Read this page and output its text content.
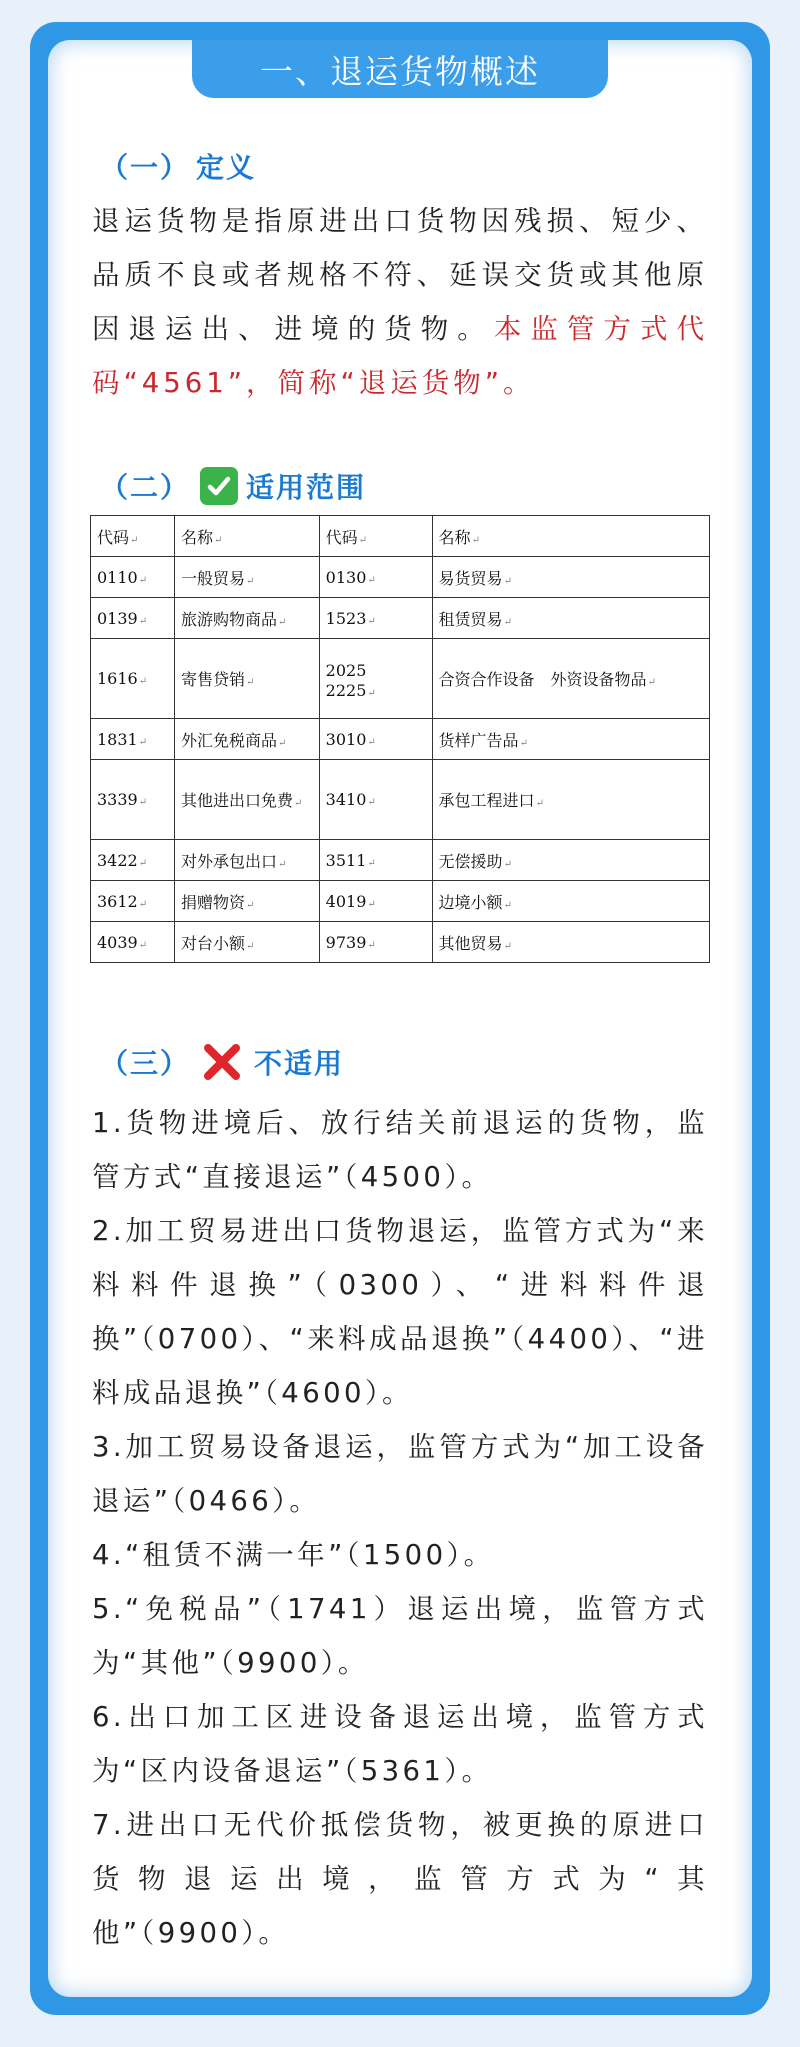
一、退运货物概述
（一） 定义
退运货物是指原进出口货物因残损、短少、品质不良或者规格不符、延误交货或其他原因退运出、进境的货物。本监管方式代码“4561”，简称“退运货物”。
（二） 适用范围
代码↵	名称↵	代码↵	名称↵
0110↵	一般贸易↵	0130↵	易货贸易↵
0139↵	旅游购物商品↵	1523↵	租赁贸易↵
1616↵	寄售贷销↵	2025　2225↵	合资合作设备　外资设备物品↵
1831↵	外汇免税商品↵	3010↵	货样广告品↵
3339↵	其他进出口免费↵	3410↵	承包工程进口↵
3422↵	对外承包出口↵	3511↵	无偿援助↵
3612↵	捐赠物资↵	4019↵	边境小额↵
4039↵	对台小额↵	9739↵	其他贸易↵
（三） 不适用

1.货物进境后、放行结关前退运的货物，监管方式“直接退运”（4500）。

2.加工贸易进出口货物退运，监管方式为“来料料件退换”（0300）、“进料料件退换”（0700）、“来料成品退换”（4400）、“进料成品退换”（4600）。

3.加工贸易设备退运，监管方式为“加工设备退运”（0466）。

4.“租赁不满一年”（1500）。

5.“免税品”（1741）退运出境，监管方式为“其他”（9900）。

6.出口加工区进设备退运出境，监管方式为“区内设备退运”（5361）。

7.进出口无代价抵偿货物，被更换的原进口货物退运出境，监管方式为“其他”（9900）。
